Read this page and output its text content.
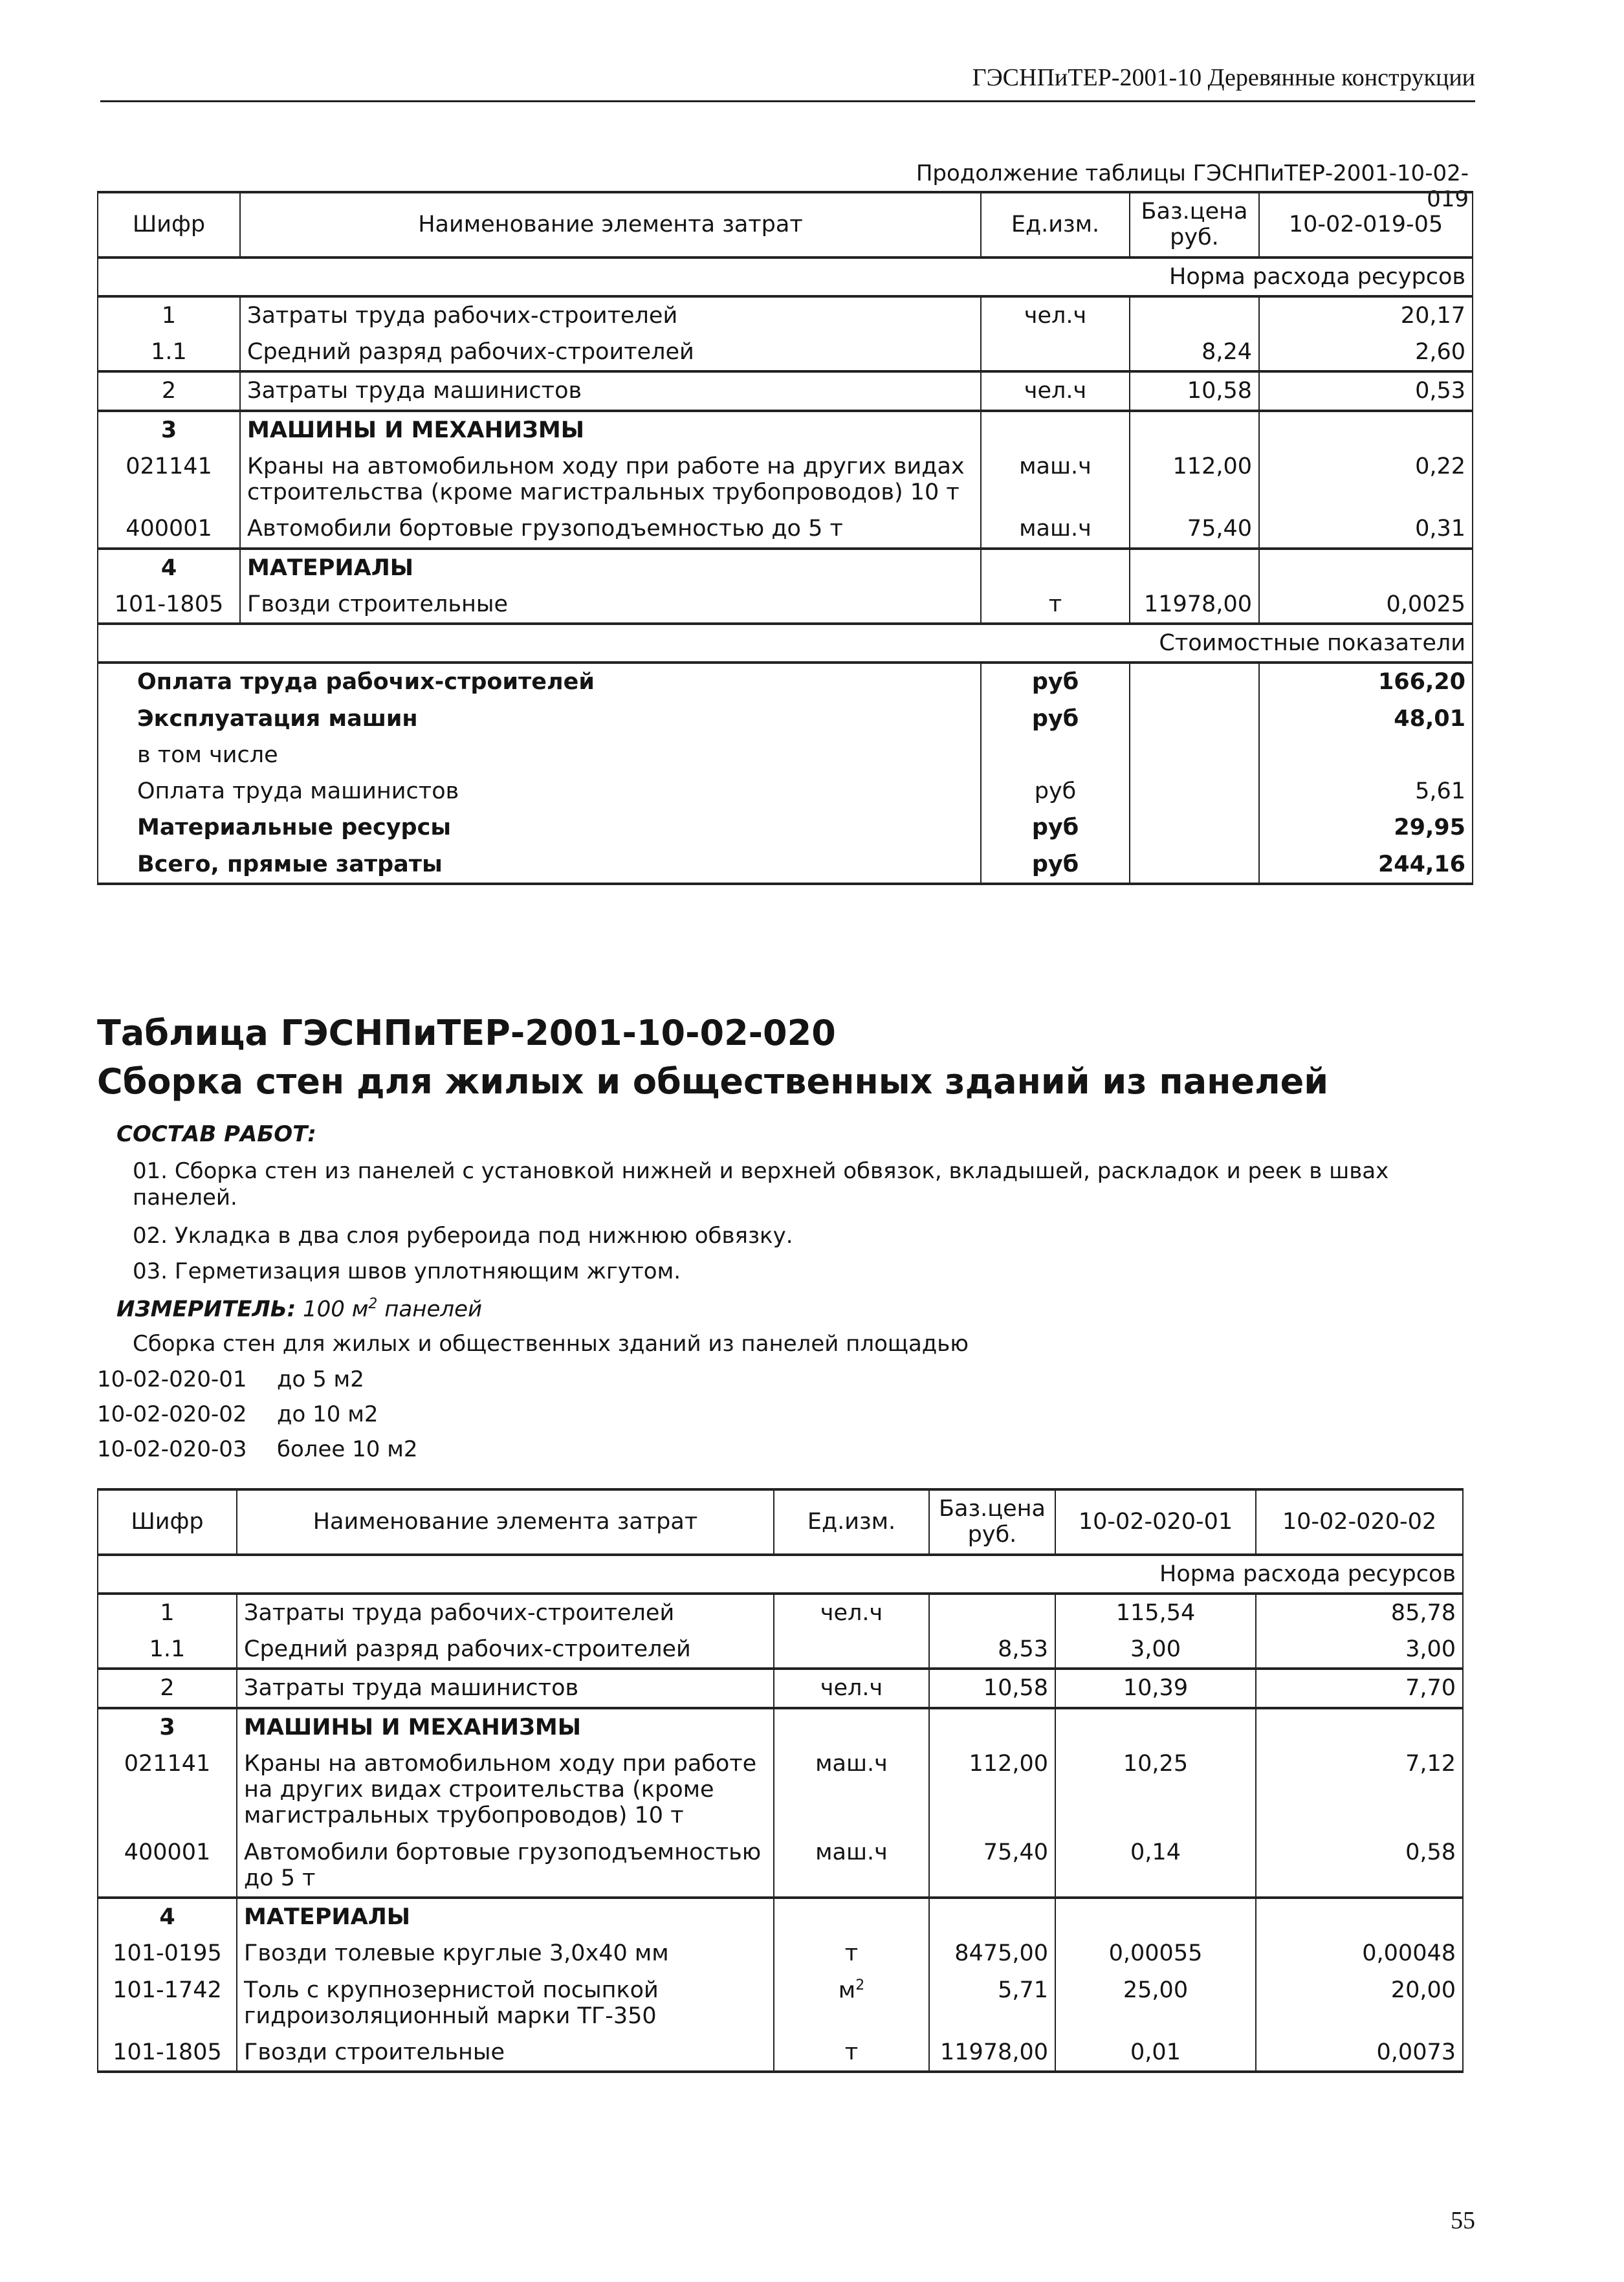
ГЭСНПиТЕР-2001-10 Деревянные конструкции
Продолжение таблицы ГЭСНПиТЕР-2001-10-02-019
Шифр	Наименование элемента затрат	Ед.изм.	Баз.цена руб.	10-02-019-05
Норма расхода ресурсов				
1	Затраты труда рабочих-строителей	чел.ч		20,17
1.1	Средний разряд рабочих-строителей		8,24	2,60
2	Затраты труда машинистов	чел.ч	10,58	0,53
3	МАШИНЫ И МЕХАНИЗМЫ			
021141	Краны на автомобильном ходу при работе на других видах строительства (кроме магистральных трубопроводов) 10 т	маш.ч	112,00	0,22
400001	Автомобили бортовые грузоподъемностью до 5 т	маш.ч	75,40	0,31
4	МАТЕРИАЛЫ			
101-1805	Гвозди строительные	т	11978,00	0,0025
Стоимостные показатели				
Оплата труда рабочих-строителей		руб		166,20
Эксплуатация машин		руб		48,01
в том числе				
Оплата труда машинистов		руб		5,61
Материальные ресурсы		руб		29,95
Всего, прямые затраты		руб		244,16
Таблица ГЭСНПиТЕР-2001-10-02-020
Сборка стен для жилых и общественных зданий из панелей
СОСТАВ РАБОТ:
01. Сборка стен из панелей с установкой нижней и верхней обвязок, вкладышей, раскладок и реек в швах панелей.
02. Укладка в два слоя рубероида под нижнюю обвязку.
03. Герметизация швов уплотняющим жгутом.
ИЗМЕРИТЕЛЬ: 100 $м^2$ панелей
Сборка стен для жилых и общественных зданий из панелей площадью
10-02-020-01 до 5 м2
10-02-020-02 до 10 м2
10-02-020-03 более 10 м2
Шифр	Наименование элемента затрат	Ед.изм.	Баз.цена руб.	10-02-020-01	10-02-020-02
Норма расхода ресурсов					
1	Затраты труда рабочих-строителей	чел.ч		115,54	85,78
1.1	Средний разряд рабочих-строителей		8,53	3,00	3,00
2	Затраты труда машинистов	чел.ч	10,58	10,39	7,70
3	МАШИНЫ И МЕХАНИЗМЫ				
021141	Краны на автомобильном ходу при работе на других видах строительства (кроме магистральных трубопроводов) 10 т	маш.ч	112,00	10,25	7,12
400001	Автомобили бортовые грузоподъемностью до 5 т	маш.ч	75,40	0,14	0,58
4	МАТЕРИАЛЫ				
101-0195	Гвозди толевые круглые 3,0x40 мм	т	8475,00	0,00055	0,00048
101-1742	Толь с крупнозернистой посыпкой гидроизоляционный марки ТГ-350	$м^2$	5,71	25,00	20,00
101-1805	Гвозди строительные	т	11978,00	0,01	0,0073
55
